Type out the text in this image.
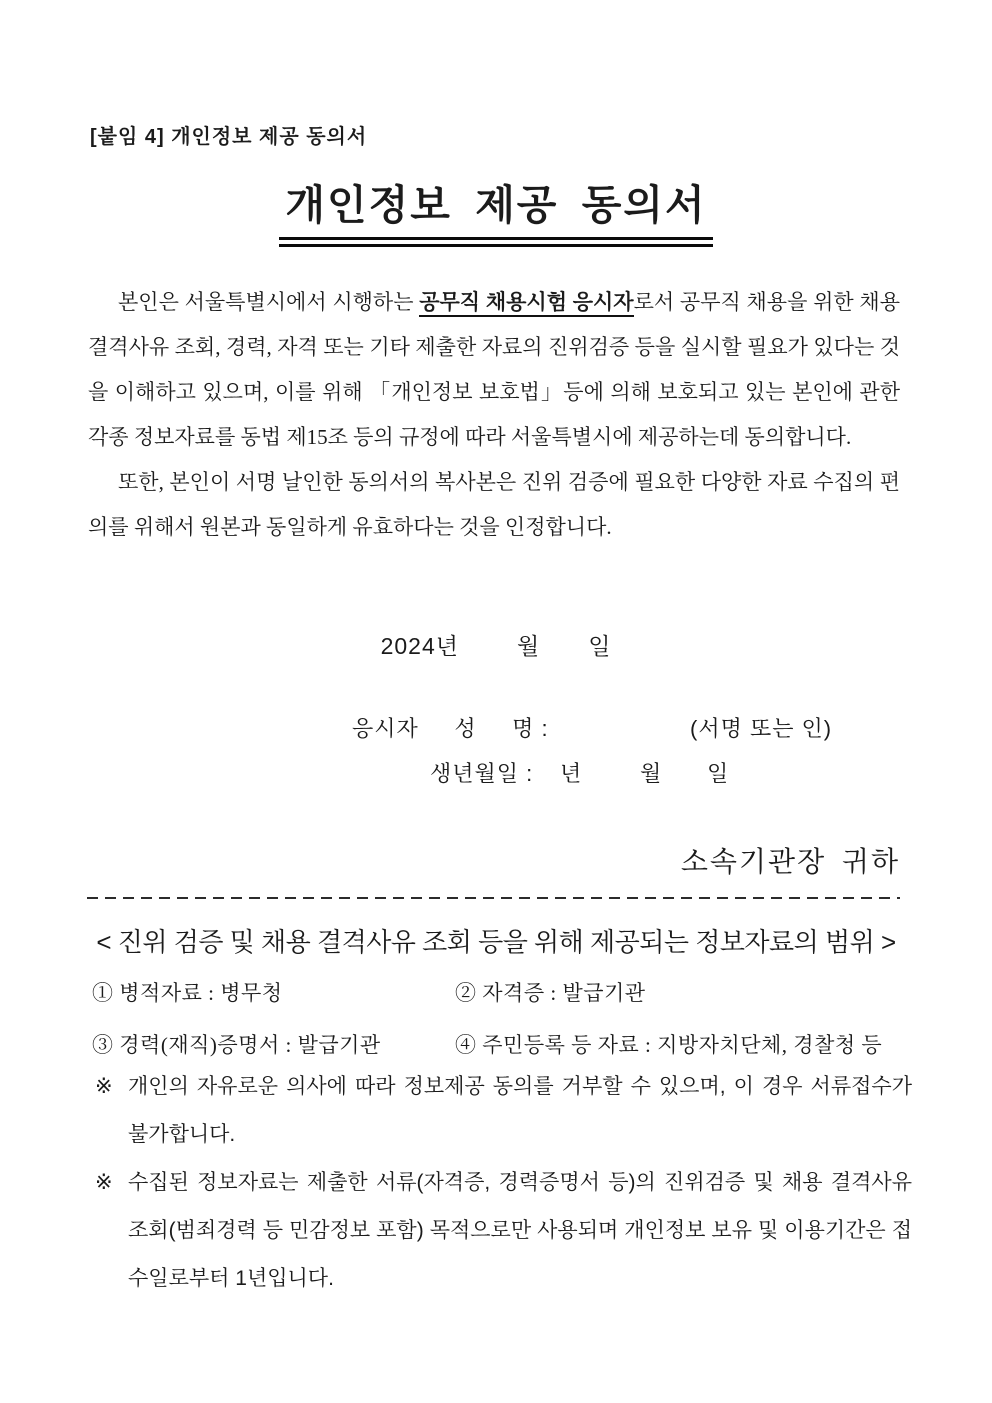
[붙임 4] 개인정보 제공 동의서
개인정보 제공 동의서

본인은 서울특별시에서 시행하는 공무직 채용시험 응시자로서 공무직 채용을 위한 채용결격사유 조회, 경력, 자격 또는 기타 제출한 자료의 진위검증 등을 실시할 필요가 있다는 것을 이해하고 있으며, 이를 위해 「개인정보 보호법」등에 의해 보호되고 있는 본인에 관한 각종 정보자료를 동법 제15조 등의 규정에 따라 서울특별시에 제공하는데 동의합니다.

또한, 본인이 서명 날인한 동의서의 복사본은 진위 검증에 필요한 다양한 자료 수집의 편의를 위해서 원본과 동일하게 유효하다는 것을 인정합니다.

2024년	월 일
응시자     성     명 :	(서명 또는 인)
생년월일 : 년	월 일
소속기관장 귀하
< 진위 검증 및 채용 결격사유 조회 등을 위해 제공되는 정보자료의 범위 >
① 병적자료 : 병무청	② 자격증 : 발급기관
③ 경력(재직)증명서 : 발급기관	④ 주민등록 등 자료 : 지방자치단체, 경찰청 등

※ 개인의 자유로운 의사에 따라 정보제공 동의를 거부할 수 있으며, 이 경우 서류접수가 불가합니다.

※ 수집된 정보자료는 제출한 서류(자격증, 경력증명서 등)의 진위검증 및 채용 결격사유 조회(범죄경력 등 민감정보 포함) 목적으로만 사용되며 개인정보 보유 및 이용기간은 접수일로부터 1년입니다.
